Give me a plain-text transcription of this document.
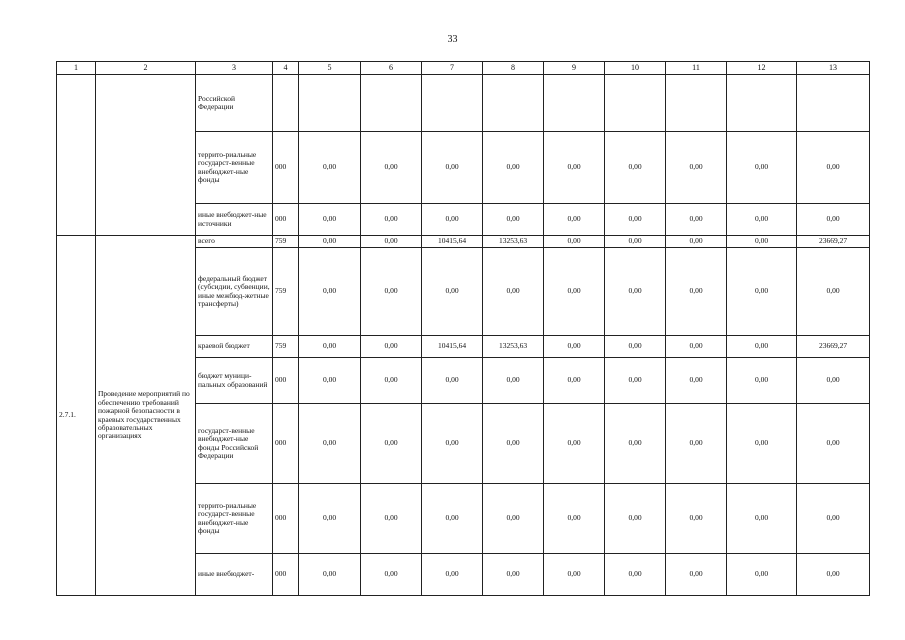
33
1	2	3	4	5	6	7	8	9	10	11	12	13
		Российской Федерации										
		террито-риальные государст-венные внебюджет-ные фонды	000	0,00	0,00	0,00	0,00	0,00	0,00	0,00	0,00	0,00
		иные внебюджет-ные источники	000	0,00	0,00	0,00	0,00	0,00	0,00	0,00	0,00	0,00
2.7.1.	Проведение мероприятий по обеспечению требований пожарной безопасности в краевых государственных образовательных организациях	всего	759	0,00	0,00	10415,64	13253,63	0,00	0,00	0,00	0,00	23669,27
		федеральный бюджет (субсидии, субвенции, иные межбюд-жетные трансферты)	759	0,00	0,00	0,00	0,00	0,00	0,00	0,00	0,00	0,00
		краевой бюджет	759	0,00	0,00	10415,64	13253,63	0,00	0,00	0,00	0,00	23669,27
		бюджет муници-пальных образований	000	0,00	0,00	0,00	0,00	0,00	0,00	0,00	0,00	0,00
		государст-венные внебюджет-ные фонды Российской Федерации	000	0,00	0,00	0,00	0,00	0,00	0,00	0,00	0,00	0,00
		террито-риальные государст-венные внебюджет-ные фонды	000	0,00	0,00	0,00	0,00	0,00	0,00	0,00	0,00	0,00
		иные внебюджет-	000	0,00	0,00	0,00	0,00	0,00	0,00	0,00	0,00	0,00
